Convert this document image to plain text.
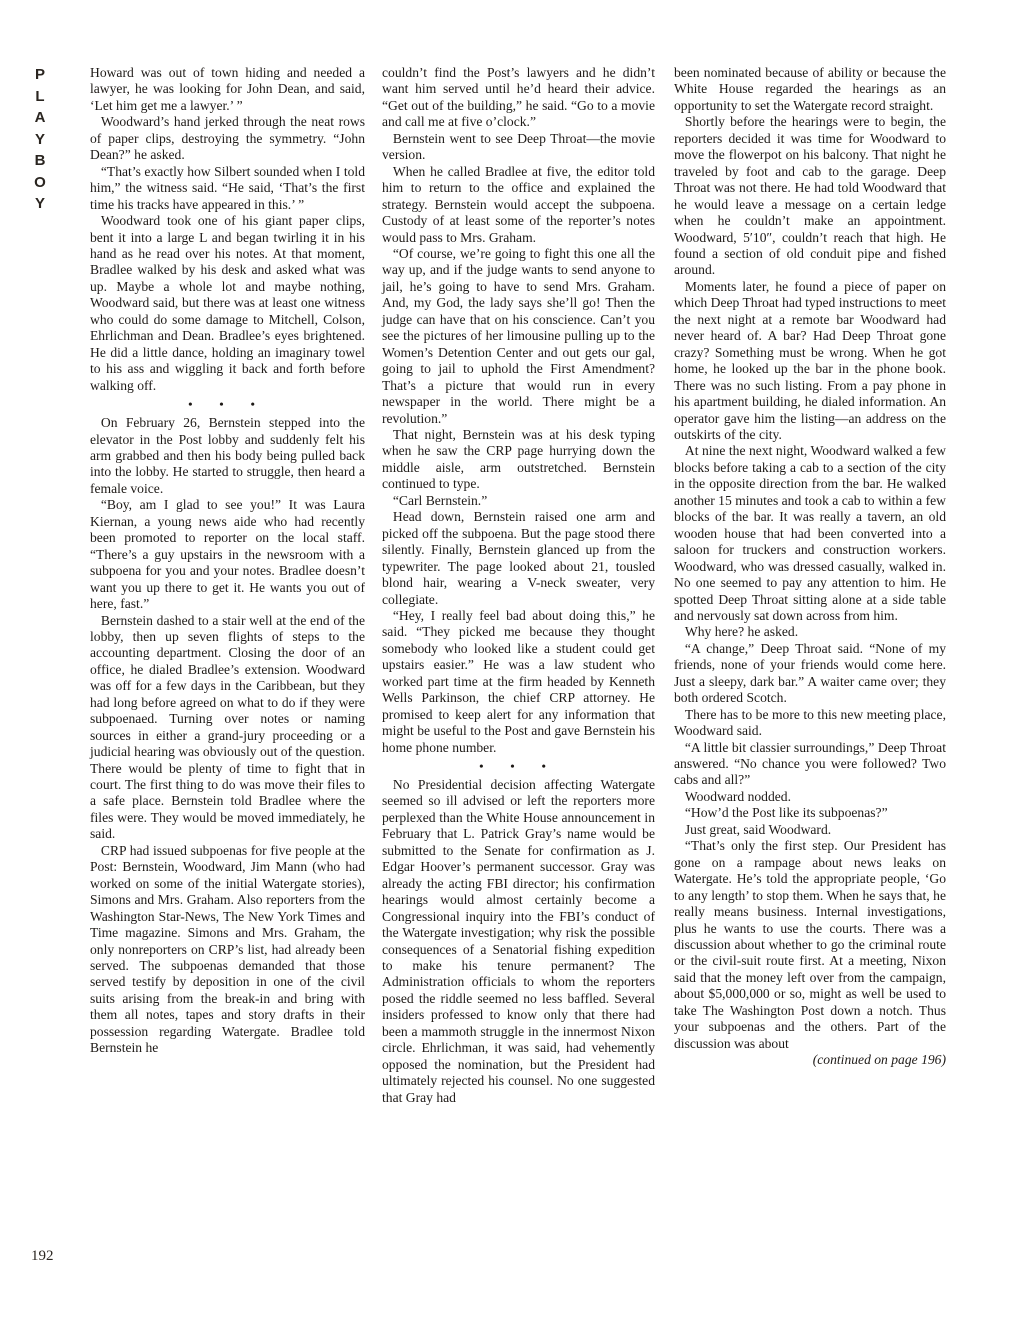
P
L
A
Y
B
O
Y
192

Howard was out of town hiding and needed a lawyer, he was looking for John Dean, and said, ‘Let him get me a lawyer.’ ”

Woodward’s hand jerked through the neat rows of paper clips, destroying the symmetry. “John Dean?” he asked.

“That’s exactly how Silbert sounded when I told him,” the witness said. “He said, ‘That’s the first time his tracks have appeared in this.’ ”

Woodward took one of his giant paper clips, bent it into a large L and began twirling it in his hand as he read over his notes. At that moment, Bradlee walked by his desk and asked what was up. Maybe a whole lot and maybe nothing, Woodward said, but there was at least one witness who could do some damage to Mitchell, Colson, Ehrlichman and Dean. Bradlee’s eyes brightened. He did a little dance, holding an imaginary towel to his ass and wiggling it back and forth before walking off.

• • •

On February 26, Bernstein stepped into the elevator in the Post lobby and suddenly felt his arm grabbed and then his body being pulled back into the lobby. He started to struggle, then heard a female voice.

“Boy, am I glad to see you!” It was Laura Kiernan, a young news aide who had recently been promoted to reporter on the local staff. “There’s a guy upstairs in the newsroom with a subpoena for you and your notes. Bradlee doesn’t want you up there to get it. He wants you out of here, fast.”

Bernstein dashed to a stair well at the end of the lobby, then up seven flights of steps to the accounting department. Closing the door of an office, he dialed Bradlee’s extension. Woodward was off for a few days in the Caribbean, but they had long before agreed on what to do if they were subpoenaed. Turning over notes or naming sources in either a grand-jury proceeding or a judicial hearing was obviously out of the question. There would be plenty of time to fight that in court. The first thing to do was move their files to a safe place. Bernstein told Bradlee where the files were. They would be moved immediately, he said.

CRP had issued subpoenas for five people at the Post: Bernstein, Woodward, Jim Mann (who had worked on some of the initial Watergate stories), Simons and Mrs. Graham. Also reporters from the Washington Star-News, The New York Times and Time magazine. Simons and Mrs. Graham, the only nonreporters on CRP’s list, had already been served. The subpoenas demanded that those served testify by deposition in one of the civil suits arising from the break-in and bring with them all notes, tapes and story drafts in their possession regarding Watergate. Bradlee told Bernstein he

couldn’t find the Post’s lawyers and he didn’t want him served until he’d heard their advice. “Get out of the building,” he said. “Go to a movie and call me at five o’clock.”

Bernstein went to see Deep Throat—the movie version.

When he called Bradlee at five, the editor told him to return to the office and explained the strategy. Bernstein would accept the subpoena. Custody of at least some of the reporter’s notes would pass to Mrs. Graham.

“Of course, we’re going to fight this one all the way up, and if the judge wants to send anyone to jail, he’s going to have to send Mrs. Graham. And, my God, the lady says she’ll go! Then the judge can have that on his conscience. Can’t you see the pictures of her limousine pulling up to the Women’s Detention Center and out gets our gal, going to jail to uphold the First Amendment? That’s a picture that would run in every newspaper in the world. There might be a revolution.”

That night, Bernstein was at his desk typing when he saw the CRP page hurrying down the middle aisle, arm outstretched. Bernstein continued to type.

“Carl Bernstein.”

Head down, Bernstein raised one arm and picked off the subpoena. But the page stood there silently. Finally, Bernstein glanced up from the typewriter. The page looked about 21, tousled blond hair, wearing a V-neck sweater, very collegiate.

“Hey, I really feel bad about doing this,” he said. “They picked me because they thought somebody who looked like a student could get upstairs easier.” He was a law student who worked part time at the firm headed by Kenneth Wells Parkinson, the chief CRP attorney. He promised to keep alert for any information that might be useful to the Post and gave Bernstein his home phone number.

• • •

No Presidential decision affecting Watergate seemed so ill advised or left the reporters more perplexed than the White House announcement in February that L. Patrick Gray’s name would be submitted to the Senate for confirmation as J. Edgar Hoover’s permanent successor. Gray was already the acting FBI director; his confirmation hearings would almost certainly become a Congressional inquiry into the FBI’s conduct of the Watergate investigation; why risk the possible consequences of a Senatorial fishing expedition to make his tenure permanent? The Administration officials to whom the reporters posed the riddle seemed no less baffled. Several insiders professed to know only that there had been a mammoth struggle in the innermost Nixon circle. Ehrlichman, it was said, had vehemently opposed the nomination, but the President had ultimately rejected his counsel. No one suggested that Gray had

been nominated because of ability or because the White House regarded the hearings as an opportunity to set the Watergate record straight.

Shortly before the hearings were to begin, the reporters decided it was time for Woodward to move the flowerpot on his balcony. That night he traveled by foot and cab to the garage. Deep Throat was not there. He had told Woodward that he would leave a message on a certain ledge when he couldn’t make an appointment. Woodward, 5′10″, couldn’t reach that high. He found a section of old conduit pipe and fished around.

Moments later, he found a piece of paper on which Deep Throat had typed instructions to meet the next night at a remote bar Woodward had never heard of. A bar? Had Deep Throat gone crazy? Something must be wrong. When he got home, he looked up the bar in the phone book. There was no such listing. From a pay phone in his apartment building, he dialed information. An operator gave him the listing—an address on the outskirts of the city.

At nine the next night, Woodward walked a few blocks before taking a cab to a section of the city in the opposite direction from the bar. He walked another 15 minutes and took a cab to within a few blocks of the bar. It was really a tavern, an old wooden house that had been converted into a saloon for truckers and construction workers. Woodward, who was dressed casually, walked in. No one seemed to pay any attention to him. He spotted Deep Throat sitting alone at a side table and nervously sat down across from him.

Why here? he asked.

“A change,” Deep Throat said. “None of my friends, none of your friends would come here. Just a sleepy, dark bar.” A waiter came over; they both ordered Scotch.

There has to be more to this new meeting place, Woodward said.

“A little bit classier surroundings,” Deep Throat answered. “No chance you were followed? Two cabs and all?”

Woodward nodded.

“How’d the Post like its subpoenas?”

Just great, said Woodward.

“That’s only the first step. Our President has gone on a rampage about news leaks on Watergate. He’s told the appropriate people, ‘Go to any length’ to stop them. When he says that, he really means business. Internal investigations, plus he wants to use the courts. There was a discussion about whether to go the criminal route or the civil-suit route first. At a meeting, Nixon said that the money left over from the campaign, about $5,000,000 or so, might as well be used to take The Washington Post down a notch. Thus your subpoenas and the others. Part of the discussion was about

(continued on page 196)
